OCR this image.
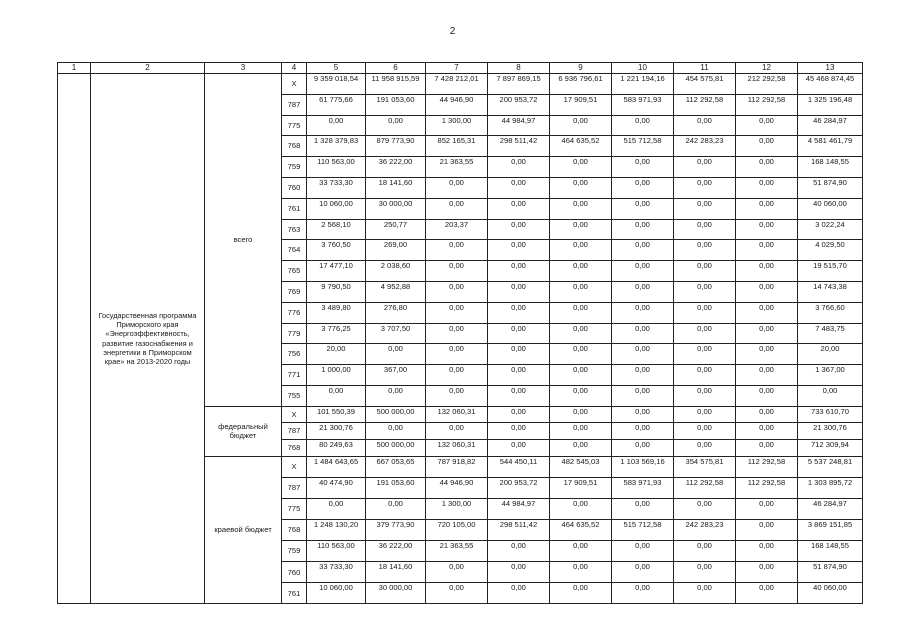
2
1	2	3	4	5	6	7	8	9	10	11	12	13
	Государственная программа Приморского края «Энергоэффективность, развитие газоснабжения и энергетики в Приморском крае» на 2013-2020 годы	всего	X	9 359 018,54	11 958 915,59	7 428 212,01	7 897 869,15	6 936 796,61	1 221 194,16	454 575,81	212 292,58	45 468 874,45
			787	61 775,66	191 053,60	44 946,90	200 953,72	17 909,51	583 971,93	112 292,58	112 292,58	1 325 196,48
			775	0,00	0,00	1 300,00	44 984,97	0,00	0,00	0,00	0,00	46 284,97
			768	1 328 379,83	879 773,90	852 165,31	298 511,42	464 635,52	515 712,58	242 283,23	0,00	4 581 461,79
			759	110 563,00	36 222,00	21 363,55	0,00	0,00	0,00	0,00	0,00	168 148,55
			760	33 733,30	18 141,60	0,00	0,00	0,00	0,00	0,00	0,00	51 874,90
			761	10 060,00	30 000,00	0,00	0,00	0,00	0,00	0,00	0,00	40 060,00
			763	2 568,10	250,77	203,37	0,00	0,00	0,00	0,00	0,00	3 022,24
			764	3 760,50	269,00	0,00	0,00	0,00	0,00	0,00	0,00	4 029,50
			765	17 477,10	2 038,60	0,00	0,00	0,00	0,00	0,00	0,00	19 515,70
			769	9 790,50	4 952,88	0,00	0,00	0,00	0,00	0,00	0,00	14 743,38
			776	3 489,80	276,80	0,00	0,00	0,00	0,00	0,00	0,00	3 766,60
			779	3 776,25	3 707,50	0,00	0,00	0,00	0,00	0,00	0,00	7 483,75
			756	20,00	0,00	0,00	0,00	0,00	0,00	0,00	0,00	20,00
			771	1 000,00	367,00	0,00	0,00	0,00	0,00	0,00	0,00	1 367,00
			755	0,00	0,00	0,00	0,00	0,00	0,00	0,00	0,00	0,00
		федеральный бюджет	X	101 550,39	500 000,00	132 060,31	0,00	0,00	0,00	0,00	0,00	733 610,70
			787	21 300,76	0,00	0,00	0,00	0,00	0,00	0,00	0,00	21 300,76
			768	80 249,63	500 000,00	132 060,31	0,00	0,00	0,00	0,00	0,00	712 309,94
		краевой бюджет	X	1 484 643,65	667 053,65	787 918,82	544 450,11	482 545,03	1 103 569,16	354 575,81	112 292,58	5 537 248,81
			787	40 474,90	191 053,60	44 946,90	200 953,72	17 909,51	583 971,93	112 292,58	112 292,58	1 303 895,72
			775	0,00	0,00	1 300,00	44 984,97	0,00	0,00	0,00	0,00	46 284,97
			768	1 248 130,20	379 773,90	720 105,00	298 511,42	464 635,52	515 712,58	242 283,23	0,00	3 869 151,85
			759	110 563,00	36 222,00	21 363,55	0,00	0,00	0,00	0,00	0,00	168 148,55
			760	33 733,30	18 141,60	0,00	0,00	0,00	0,00	0,00	0,00	51 874,90
			761	10 060,00	30 000,00	0,00	0,00	0,00	0,00	0,00	0,00	40 060,00
